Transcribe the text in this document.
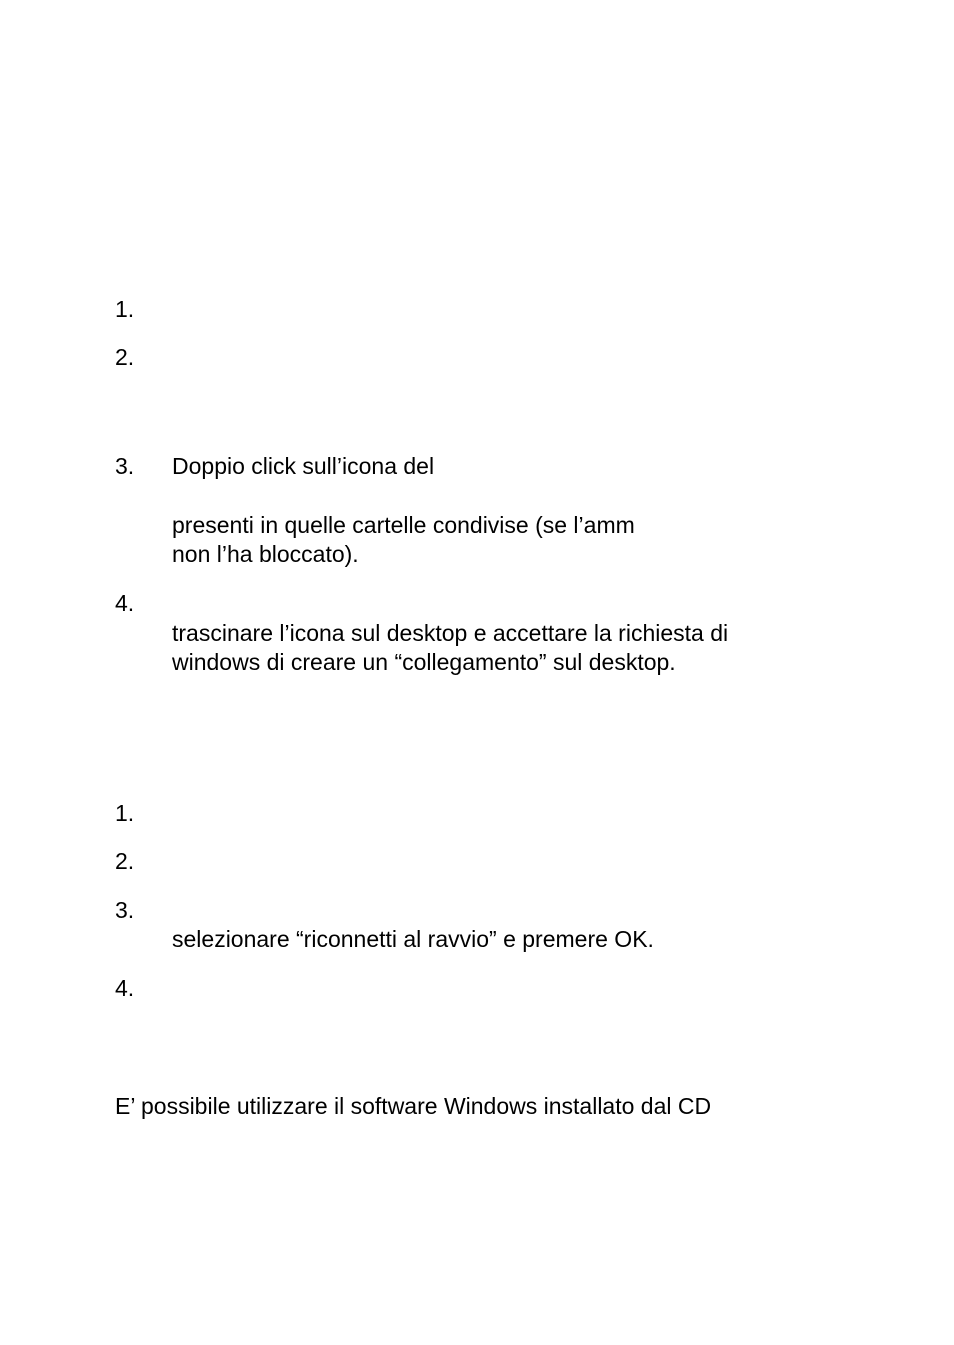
1.
2.
3. Doppio click sull’icona del
presenti in quelle cartelle condivise (se l’amm
non l’ha bloccato).
4.
trascinare l’icona sul desktop e accettare la richiesta di
windows di creare un “collegamento” sul desktop.
1.
2.
3.
selezionare “riconnetti al ravvio” e premere OK.
4.
E’ possibile utilizzare il software Windows installato dal CD
